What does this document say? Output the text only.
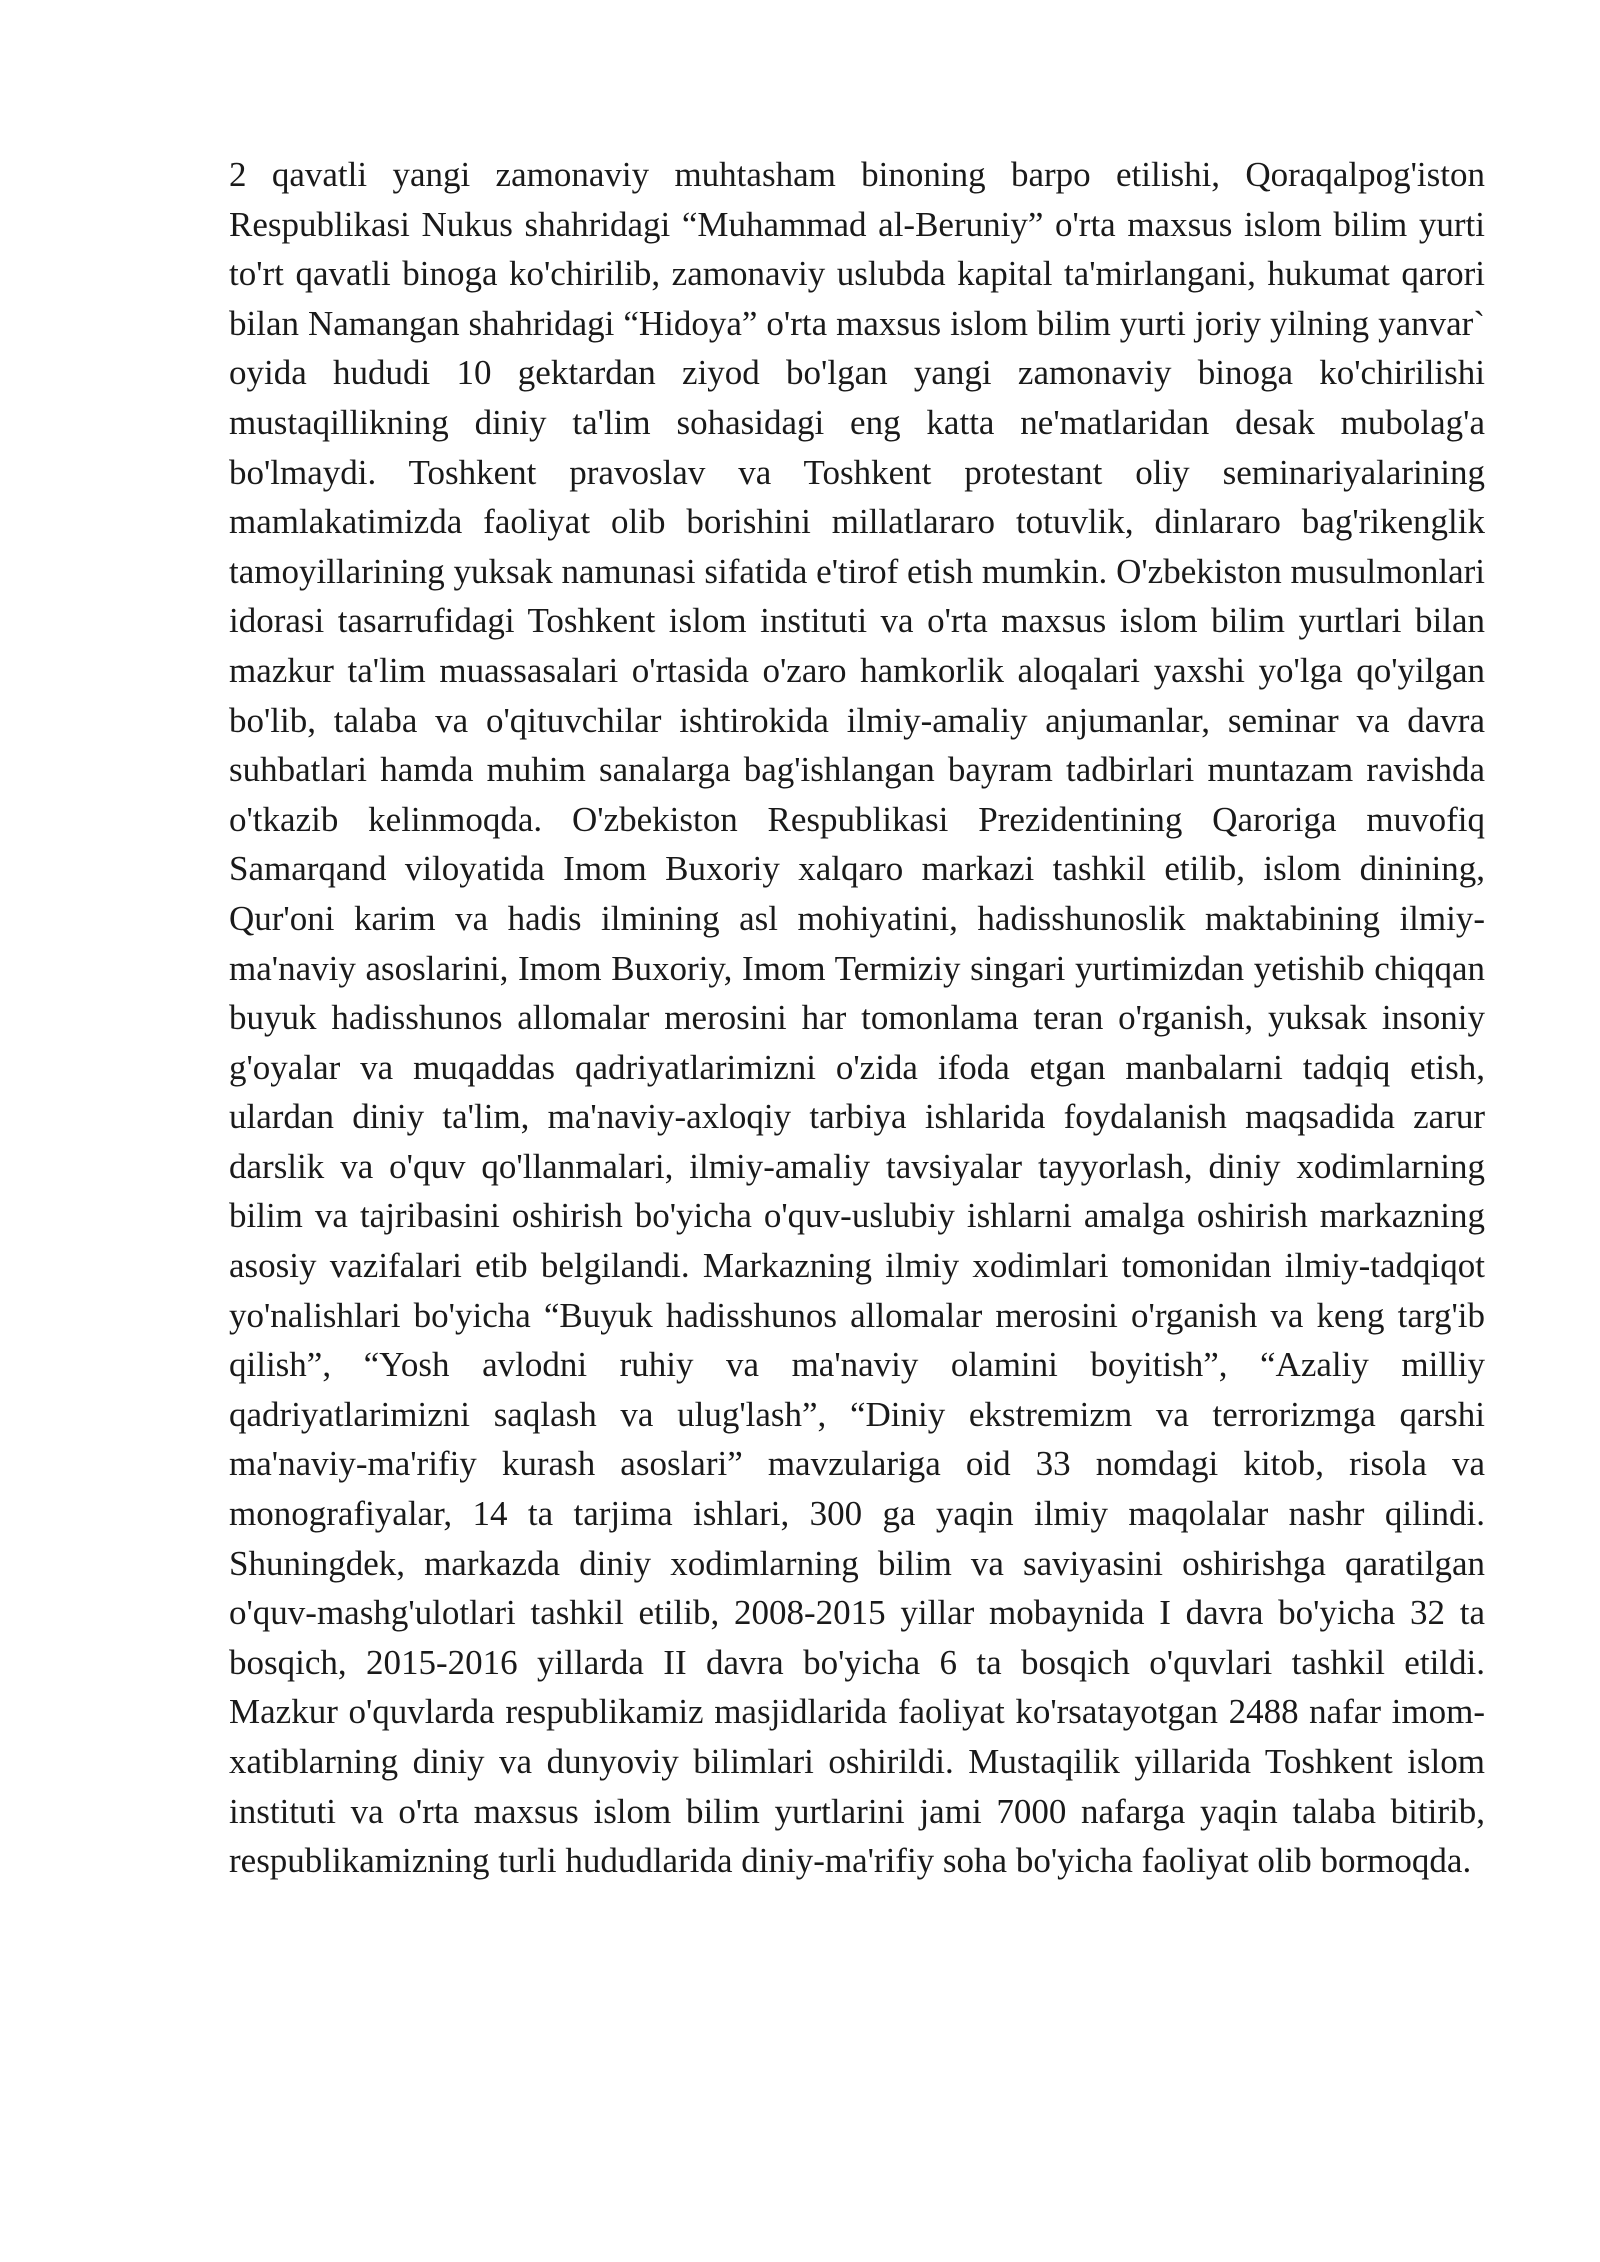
2 qavatli yangi zamonaviy muhtasham binoning barpo etilishi, Qoraqalpog'iston Respublikasi Nukus shahridagi “Muhammad al-Beruniy” o'rta maxsus islom bilim yurti to'rt qavatli binoga ko'chirilib, zamonaviy uslubda kapital ta'mirlangani, hukumat qarori bilan Namangan shahridagi “Hidoya” o'rta maxsus islom bilim yurti joriy yilning yanvar` oyida hududi 10 gektardan ziyod bo'lgan yangi zamonaviy binoga ko'chirilishi mustaqillikning diniy ta'lim sohasidagi eng katta ne'matlaridan desak mubolag'a bo'lmaydi. Toshkent pravoslav va Toshkent protestant oliy seminariyalarining mamlakatimizda faoliyat olib borishini millatlararo totuvlik, dinlararo bag'rikenglik tamoyillarining yuksak namunasi sifatida e'tirof etish mumkin. O'zbekiston musulmonlari idorasi tasarrufidagi Toshkent islom instituti va o'rta maxsus islom bilim yurtlari bilan mazkur ta'lim muassasalari o'rtasida o'zaro hamkorlik aloqalari yaxshi yo'lga qo'yilgan bo'lib, talaba va o'qituvchilar ishtirokida ilmiy-amaliy anjumanlar, seminar va davra suhbatlari hamda muhim sanalarga bag'ishlangan bayram tadbirlari muntazam ravishda o'tkazib kelinmoqda. O'zbekiston Respublikasi Prezidentining Qaroriga muvofiq Samarqand viloyatida Imom Buxoriy xalqaro markazi tashkil etilib, islom dinining, Qur'oni karim va hadis ilmining asl mohiyatini, hadisshunoslik maktabining ilmiy-ma'naviy asoslarini, Imom Buxoriy, Imom Termiziy singari yurtimizdan yetishib chiqqan buyuk hadisshunos allomalar merosini har tomonlama teran o'rganish, yuksak insoniy g'oyalar va muqaddas qadriyatlarimizni o'zida ifoda etgan manbalarni tadqiq etish, ulardan diniy ta'lim, ma'naviy-axloqiy tarbiya ishlarida foydalanish maqsadida zarur darslik va o'quv qo'llanmalari, ilmiy-amaliy tavsiyalar tayyorlash, diniy xodimlarning bilim va tajribasini oshirish bo'yicha o'quv-uslubiy ishlarni amalga oshirish markazning asosiy vazifalari etib belgilandi. Markazning ilmiy xodimlari tomonidan ilmiy-tadqiqot yo'nalishlari bo'yicha “Buyuk hadisshunos allomalar merosini o'rganish va keng targ'ib qilish”, “Yosh avlodni ruhiy va ma'naviy olamini boyitish”, “Azaliy milliy qadriyatlarimizni saqlash va ulug'lash”, “Diniy ekstremizm va terrorizmga qarshi ma'naviy-ma'rifiy kurash asoslari” mavzulariga oid 33 nomdagi kitob, risola va monografiyalar, 14 ta tarjima ishlari, 300 ga yaqin ilmiy maqolalar nashr qilindi. Shuningdek, markazda diniy xodimlarning bilim va saviyasini oshirishga qaratilgan o'quv-mashg'ulotlari tashkil etilib, 2008-2015 yillar mobaynida I davra bo'yicha 32 ta bosqich, 2015-2016 yillarda II davra bo'yicha 6 ta bosqich o'quvlari tashkil etildi. Mazkur o'quvlarda respublikamiz masjidlarida faoliyat ko'rsatayotgan 2488 nafar imom-xatiblarning diniy va dunyoviy bilimlari oshirildi. Mustaqilik yillarida Toshkent islom instituti va o'rta maxsus islom bilim yurtlarini jami 7000 nafarga yaqin talaba bitirib, respublikamizning turli hududlarida diniy-ma'rifiy soha bo'yicha faoliyat olib bormoqda.
